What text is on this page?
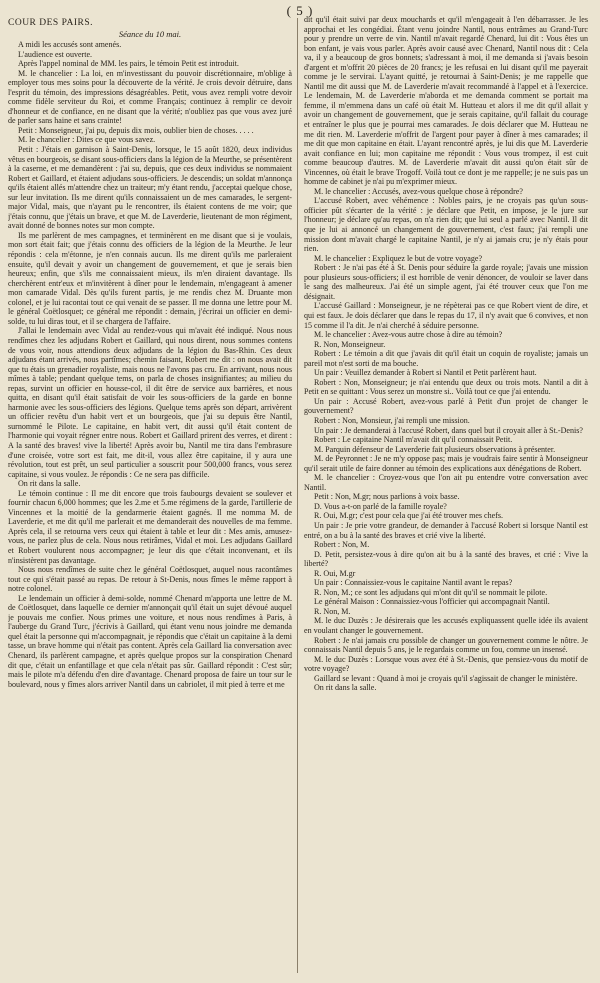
( 5 )

COUR DES PAIRS.

Séance du 10 mai.

A midi les accusés sont amenés.

L'audience est ouverte.

Après l'appel nominal de MM. les pairs, le témoin Petit est introduit.

M. le chancelier : La loi, en m'investissant du pouvoir discrétionnaire, m'oblige à employer tous mes soins pour la découverte de la vérité. Je crois devoir détruire, dans l'esprit du témoin, des impressions désagréables. Petit, vous avez rempli votre devoir comme fidèle serviteur du Roi, et comme Français; continuez à remplir ce devoir d'honneur et de confiance, en ne disant que la vérité; n'oubliez pas que vous avez juré de parler sans haine et sans crainte!

Petit : Monseigneur, j'ai pu, depuis dix mois, oublier bien de choses. . . . .

M. le chancelier : Dites ce que vous savez.

Petit : J'étais en garnison à Saint-Denis, lorsque, le 15 août 1820, deux individus vêtus en bourgeois, se disant sous-officiers dans la légion de la Meurthe, se présentèrent à la caserne, et me demandèrent : j'ai su, depuis, que ces deux individus se nommaient Robert et Gaillard, et étaient adjudans sous-officiers. Je descendis; un soldat m'annonça qu'ils étaient allés m'attendre chez un traiteur; m'y étant rendu, j'acceptai quelque chose, sur leur invitation. Ils me dirent qu'ils connaissaient un de mes camarades, le sergent-major Vidal, mais, que n'ayant pu le rencontrer, ils étaient contens de me voir; que j'étais connu, que j'étais un brave, et que M. de Laverderie, lieutenant de mon régiment, avait donné de bonnes notes sur mon compte.

Ils me parlèrent de mes campagnes, et terminèrent en me disant que si je voulais, mon sort était fait; que j'étais connu des officiers de la légion de la Meurthe. Je leur répondis : cela m'étonne, je n'en connais aucun. Ils me dirent qu'ils me parleraient ensuite, qu'il devait y avoir un changement de gouvernement, et que je serais bien heureux; enfin, que s'ils me connaissaient mieux, ils m'en diraient davantage. Ils cherchèrent entr'eux et m'invitèrent à dîner pour le lendemain, m'engageant à amener mon camarade Vidal. Dès qu'ils furent partis, je me rendis chez M. Druante mon colonel, et je lui racontai tout ce qui venait de se passer. Il me donna une lettre pour M. le général Coëtlosquet; ce général me répondit : demain, j'écrirai un officier en demi-solde, tu lui diras tout, et il se chargera de l'affaire.

J'allai le lendemain avec Vidal au rendez-vous qui m'avait été indiqué. Nous nous rendîmes chez les adjudans Robert et Gaillard, qui nous dirent, nous sommes contens de vous voir, nous attendions deux adjudans de la légion du Bas-Rhin. Ces deux adjudans étant arrivés, nous partîmes; chemin faisant, Robert me dit : on nous avait dit que tu étais un grenadier royaliste, mais nous ne l'avons pas cru. En arrivant, nous nous mîmes à table; pendant quelque tems, on parla de choses insignifiantes; au milieu du repas, survint un officier en housse-col, il dit être de service aux barrières, et nous quitta, en disant qu'il était satisfait de voir les sous-officiers de la garde en bonne harmonie avec les sous-officiers des légions. Quelque tems après son départ, arrivèrent un officier revêtu d'un habit vert et un bourgeois, que j'ai su depuis être Nantil, surnommé le Pilote. Le capitaine, en habit vert, dit aussi qu'il était content de l'harmonie qui voyait régner entre nous. Robert et Gaillard prirent des verres, et dirent : A la santé des braves! vive la liberté! Après avoir bu, Nantil me tira dans l'embrasure d'une croisée, votre sort est fait, me dit-il, vous allez être capitaine, il y aura une révolution, tout est prêt, un seul particulier a souscrit pour 500,000 francs, vous serez capitaine, si vous voulez. Je répondis : Ce ne sera pas difficile.

On rit dans la salle.

Le témoin continue : Il me dit encore que trois faubourgs devaient se soulever et fournir chacun 6,000 hommes; que les 2.me et 5.me régimens de la garde, l'artillerie de Vincennes et la moitié de la gendarmerie étaient gagnés. Il me nomma M. de Laverderie, et me dit qu'il me parlerait et me demanderait des nouvelles de ma femme. Après cela, il se retourna vers ceux qui étaient à table et leur dit : Mes amis, amusez-vous, ne parlez plus de cela. Nous nous retirâmes, Vidal et moi. Les adjudans Gaillard et Robert voulurent nous accompagner; je leur dis que c'était inconvenant, et ils n'insistèrent pas davantage.

Nous nous rendîmes de suite chez le général Coëtlosquet, auquel nous racontâmes tout ce qui s'était passé au repas. De retour à St-Denis, nous fîmes le même rapport à notre colonel.

Le lendemain un officier à demi-solde, nommé Chenard m'apporta une lettre de M. de Coëtlosquet, dans laquelle ce dernier m'annonçait qu'il était un sujet dévoué auquel je pouvais me confier. Nous primes une voiture, et nous nous rendîmes à Paris, à l'auberge du Grand Turc, j'écrivis à Gaillard, qui étant venu nous joindre me demanda quel était la personne qui m'accompagnait, je répondis que c'était un capitaine à la demi tasse, un brave homme qui n'était pas content. Après cela Gaillard lia conversation avec Chenard, ils parlèrent campagne, et après quelque propos sur la conspiration Chenard dit que, c'était un enfantillage et que cela n'était pas sûr. Gaillard répondit : C'est sûr; mais le pilote m'a défendu d'en dire d'avantage. Chenard proposa de faire un tour sur le boulevard, nous y fîmes alors arriver Nantil dans un cabriolet, il mit pied à terre et me

dit qu'il était suivi par deux mouchards et qu'il m'engageait à l'en débarrasser. Je les approchai et les congédiai. Étant venu joindre Nantil, nous entrâmes au Grand-Turc pour y prendre un verre de vin. Nantil m'avait regardé Chenard, lui dit : Vous êtes un bon enfant, je vais vous parler. Après avoir causé avec Chenard, Nantil nous dit : Cela va, il y a beaucoup de gros bonnets; s'adressant à moi, il me demanda si j'avais besoin d'argent et m'offrit 20 pièces de 20 francs; je les refusai en lui disant qu'il me payerait comme je le servirai. L'ayant quitté, je retournai à Saint-Denis; je me rappelle que Nantil me dit aussi que M. de Laverderie m'avait recommandé à l'appel et à l'exercice. Le lendemain, M. de Laverderie m'aborda et me demanda comment se portait ma femme, il m'emmena dans un café où était M. Hutteau et alors il me dit qu'il allait y avoir un changement de gouvernement, que je serais capitaine, qu'il fallait du courage et entraîner le plus que je pourrai mes camarades. Je dois déclarer que M. Hutteau ne me dit rien. M. Laverderie m'offrit de l'argent pour payer à dîner à mes camarades; il me dit que mon capitaine en était. L'ayant rencontré après, je lui dis que M. Laverderie avait confiance en lui; mon capitaine me répondit : Vous vous trompez, il est cuit comme beaucoup d'autres. M. de Laverderie m'avait dit aussi qu'on était sûr de Vincennes, où était le brave Trogoff. Voilà tout ce dont je me rappelle; je ne suis pas un homme de cabinet je n'ai pu m'exprimer mieux.

M. le chancelier : Accusés, avez-vous quelque chose à répondre?

L'accusé Robert, avec véhémence : Nobles pairs, je ne croyais pas qu'un sous-officier pût s'écarter de la vérité : je déclare que Petit, en impose, je le jure sur l'honneur; je déclare qu'au repas, on n'a rien dit; que lui seul a parlé avec Nantil. Il dit que je lui ai annoncé un changement de gouvernement, c'est faux; j'ai rempli une mission dont m'avait chargé le capitaine Nantil, je n'y ai jamais cru; je n'y étais pour rien.

M. le chancelier : Expliquez le but de votre voyage?

Robert : Je n'ai pas été à St. Denis pour séduire la garde royale; j'avais une mission pour plusieurs sous-officiers; il est horrible de venir dénoncer, de vouloir se laver dans le sang des malheureux. J'ai été un simple agent, j'ai été trouver ceux que l'on me désignait.

L'accusé Gaillard : Monseigneur, je ne répèterai pas ce que Robert vient de dire, et qui est faux. Je dois déclarer que dans le repas du 17, il n'y avait que 6 convives, et non 15 comme il l'a dit. Je n'ai cherché à séduire personne.

M. le chancelier : Avez-vous autre chose à dire au témoin?

R. Non, Monseigneur.

Robert : Le témoin a dit que j'avais dit qu'il était un coquin de royaliste; jamais un pareil mot n'est sorti de ma bouche.

Un pair : Veuillez demander à Robert si Nantil et Petit parlèrent haut.

Robert : Non, Monseigneur; je n'ai entendu que deux ou trois mots. Nantil a dit à Petit en se quittant : Vous serez un monstre si.. Voilà tout ce que j'ai entendu.

Un pair : Accusé Robert, avez-vous parlé à Petit d'un projet de changer le gouvernement?

Robert : Non, Monsieur, j'ai rempli une mission.

Un pair : Je demanderai à l'accusé Robert, dans quel but il croyait aller à St.-Denis?

Robert : Le capitaine Nantil m'avait dit qu'il connaissait Petit.

M. Parquin défenseur de Laverderie fait plusieurs observations à présenter.

M. de Peyronnet : Je ne m'y oppose pas; mais je voudrais faire sentir à Monseigneur qu'il serait utile de faire donner au témoin des explications aux dénégations de Robert.

M. le chancelier : Croyez-vous que l'on ait pu entendre votre conversation avec Nantil.

Petit : Non, M.gr; nous parlions à voix basse.

D. Vous a-t-on parlé de la famille royale?

R. Oui, M.gr; c'est pour cela que j'ai été trouver mes chefs.

Un pair : Je prie votre grandeur, de demander à l'accusé Robert si lorsque Nantil est entré, on a bu à la santé des braves et crié vive la liberté.

Robert : Non, M.

D. Petit, persistez-vous à dire qu'on ait bu à la santé des braves, et crié : Vive la liberté?

R. Oui, M.gr

Un pair : Connaissiez-vous le capitaine Nantil avant le repas?

R. Non, M.; ce sont les adjudans qui m'ont dit qu'il se nommait le pilote.

Le général Maison : Connaissiez-vous l'officier qui accompagnait Nantil.

R. Non, M.

M. le duc Duzès : Je désirerais que les accusés expliquassent quelle idée ils avaient en voulant changer le gouvernement.

Robert : Je n'ai jamais cru possible de changer un gouvernement comme le nôtre. Je connaissais Nantil depuis 5 ans, je le regardais comme un fou, comme un insensé.

M. le duc Duzès : Lorsque vous avez été à St.-Denis, que pensiez-vous du motif de votre voyage?

Gaillard se levant : Quand à moi je croyais qu'il s'agissait de changer le ministère.

On rit dans la salle.
